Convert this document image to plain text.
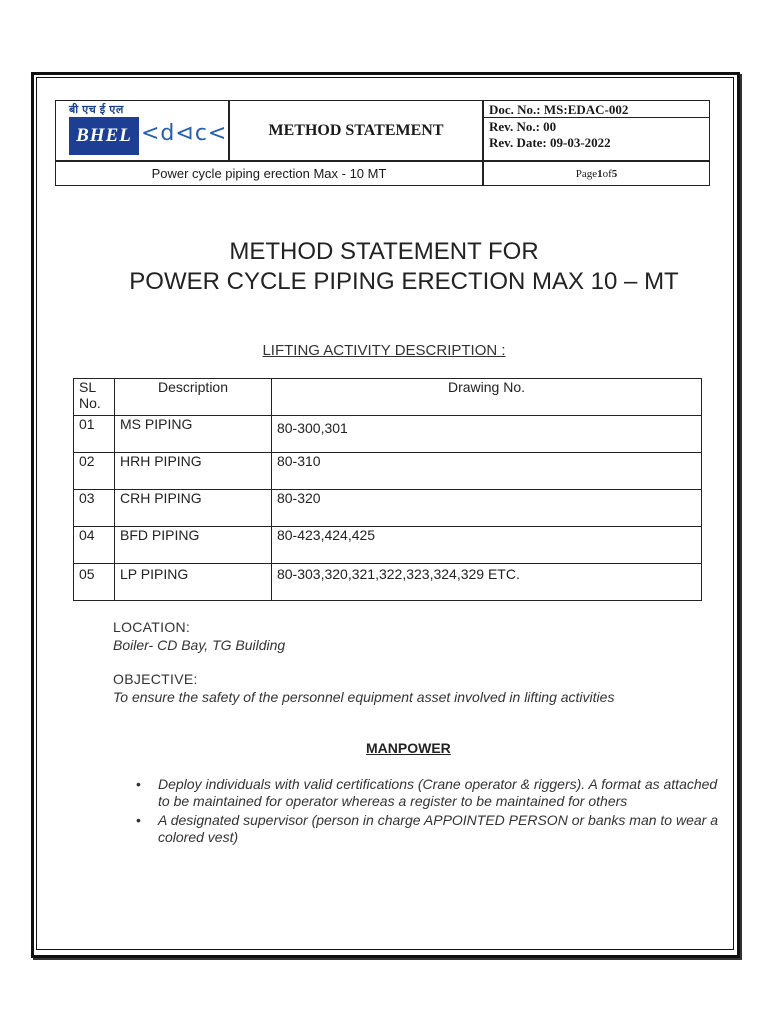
बी एच ई एल
BHEL <d⊲c<	METHOD STATEMENT
Doc. No.: MS:EDAC-002
Rev. No.: 00
Rev. Date: 09-03-2022
Power cycle piping erection Max - 10 MT	Page 1 of 5
METHOD STATEMENT FOR
POWER CYCLE PIPING ERECTION MAX 10 – MT
LIFTING ACTIVITY DESCRIPTION :
SL No.	Description	Drawing No.
01	MS PIPING	80-300,301
02	HRH PIPING	80-310
03	CRH PIPING	80-320
04	BFD PIPING	80-423,424,425
05	LP PIPING	80-303,320,321,322,323,324,329 ETC.
LOCATION:
Boiler- CD Bay, TG Building
OBJECTIVE:
To ensure the safety of the personnel equipment asset involved in lifting activities
MANPOWER
• Deploy individuals with valid certifications (Crane operator & riggers). A format as attached to be maintained for operator whereas a register to be maintained for others
• A designated supervisor (person in charge APPOINTED PERSON or banks man to wear a colored vest)
